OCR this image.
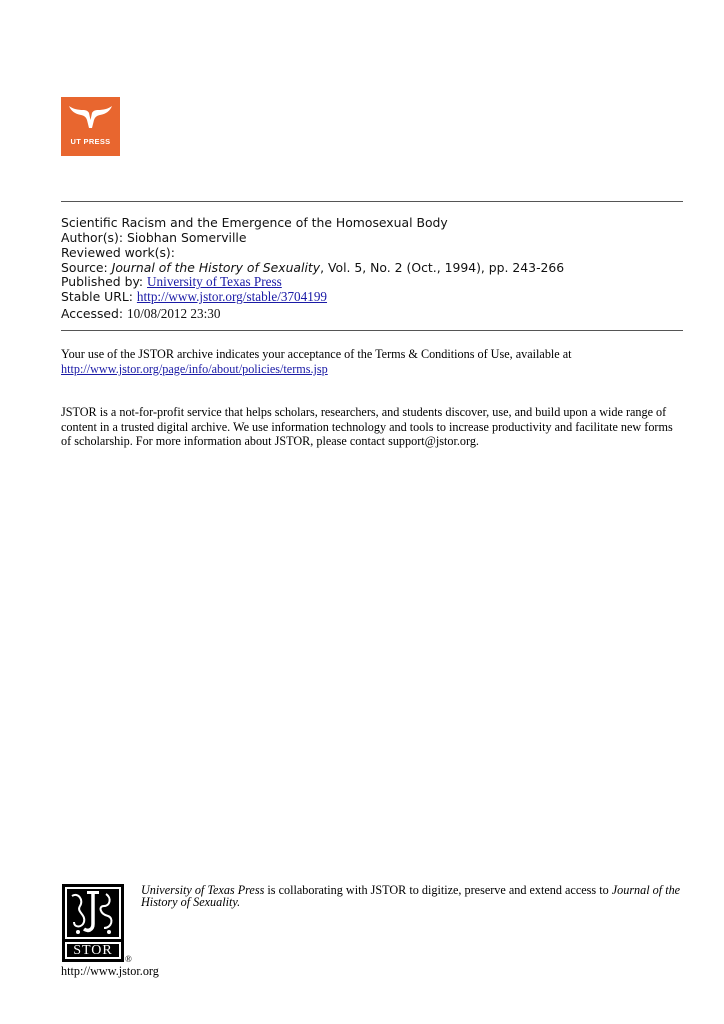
UT PRESS
Scientific Racism and the Emergence of the Homosexual Body
Author(s): Siobhan Somerville
Reviewed work(s):
Source: Journal of the History of Sexuality, Vol. 5, No. 2 (Oct., 1994), pp. 243-266
Published by: University of Texas Press
Stable URL: http://www.jstor.org/stable/3704199
Accessed: 10/08/2012 23:30
Your use of the JSTOR archive indicates your acceptance of the Terms & Conditions of Use, available at
http://www.jstor.org/page/info/about/policies/terms.jsp
JSTOR is a not-for-profit service that helps scholars, researchers, and students discover, use, and build upon a wide range of
content in a trusted digital archive. We use information technology and tools to increase productivity and facilitate new forms
of scholarship. For more information about JSTOR, please contact support@jstor.org.
STOR
®
http://www.jstor.org
University of Texas Press is collaborating with JSTOR to digitize, preserve and extend access to Journal of the
History of Sexuality.
